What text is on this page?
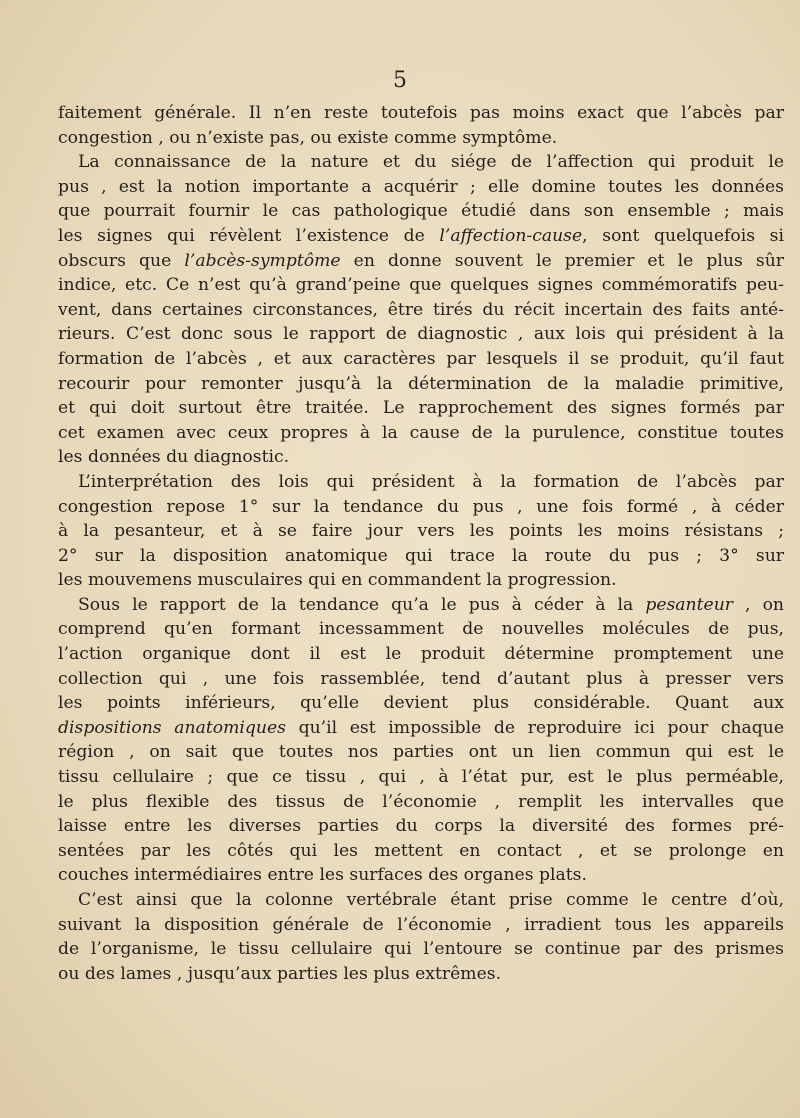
5
faitement générale. Il n’en reste toutefois pas moins exact que l’abcès par
congestion , ou n’existe pas, ou existe comme symptôme.
La connaissance de la nature et du siége de l’affection qui produit le
pus , est la notion importante a acquérir ; elle domine toutes les données
que pourrait fournir le cas pathologique étudié dans son ensemble ; mais
les signes qui révèlent l’existence de l’affection-cause, sont quelquefois si
obscurs que l’abcès-symptôme en donne souvent le premier et le plus sûr
indice, etc. Ce n’est qu’à grand’peine que quelques signes commémoratifs peu-
vent, dans certaines circonstances, être tirés du récit incertain des faits anté-
rieurs. C’est donc sous le rapport de diagnostic , aux lois qui président à la
formation de l’abcès , et aux caractères par lesquels il se produit, qu’il faut
recourir pour remonter jusqu’à la détermination de la maladie primitive,
et qui doit surtout être traitée. Le rapprochement des signes formés par
cet examen avec ceux propres à la cause de la purulence, constitue toutes
les données du diagnostic.
L’interprétation des lois qui président à la formation de l’abcès par
congestion repose 1° sur la tendance du pus , une fois formé , à céder
à la pesanteur, et à se faire jour vers les points les moins résistans ;
2° sur la disposition anatomique qui trace la route du pus ; 3° sur
les mouvemens musculaires qui en commandent la progression.
Sous le rapport de la tendance qu’a le pus à céder à la pesanteur , on
comprend qu’en formant incessamment de nouvelles molécules de pus,
l’action organique dont il est le produit détermine promptement une
collection qui , une fois rassemblée, tend d’autant plus à presser vers
les points inférieurs, qu’elle devient plus considérable. Quant aux
dispositions anatomiques qu’il est impossible de reproduire ici pour chaque
région , on sait que toutes nos parties ont un lien commun qui est le
tissu cellulaire ; que ce tissu , qui , à l’état pur, est le plus perméable,
le plus flexible des tissus de l’économie , remplit les intervalles que
laisse entre les diverses parties du corps la diversité des formes pré-
sentées par les côtés qui les mettent en contact , et se prolonge en
couches intermédiaires entre les surfaces des organes plats.
C’est ainsi que la colonne vertébrale étant prise comme le centre d’où,
suivant la disposition générale de l’économie , irradient tous les appareils
de l’organisme, le tissu cellulaire qui l’entoure se continue par des prismes
ou des lames , jusqu’aux parties les plus extrêmes.
